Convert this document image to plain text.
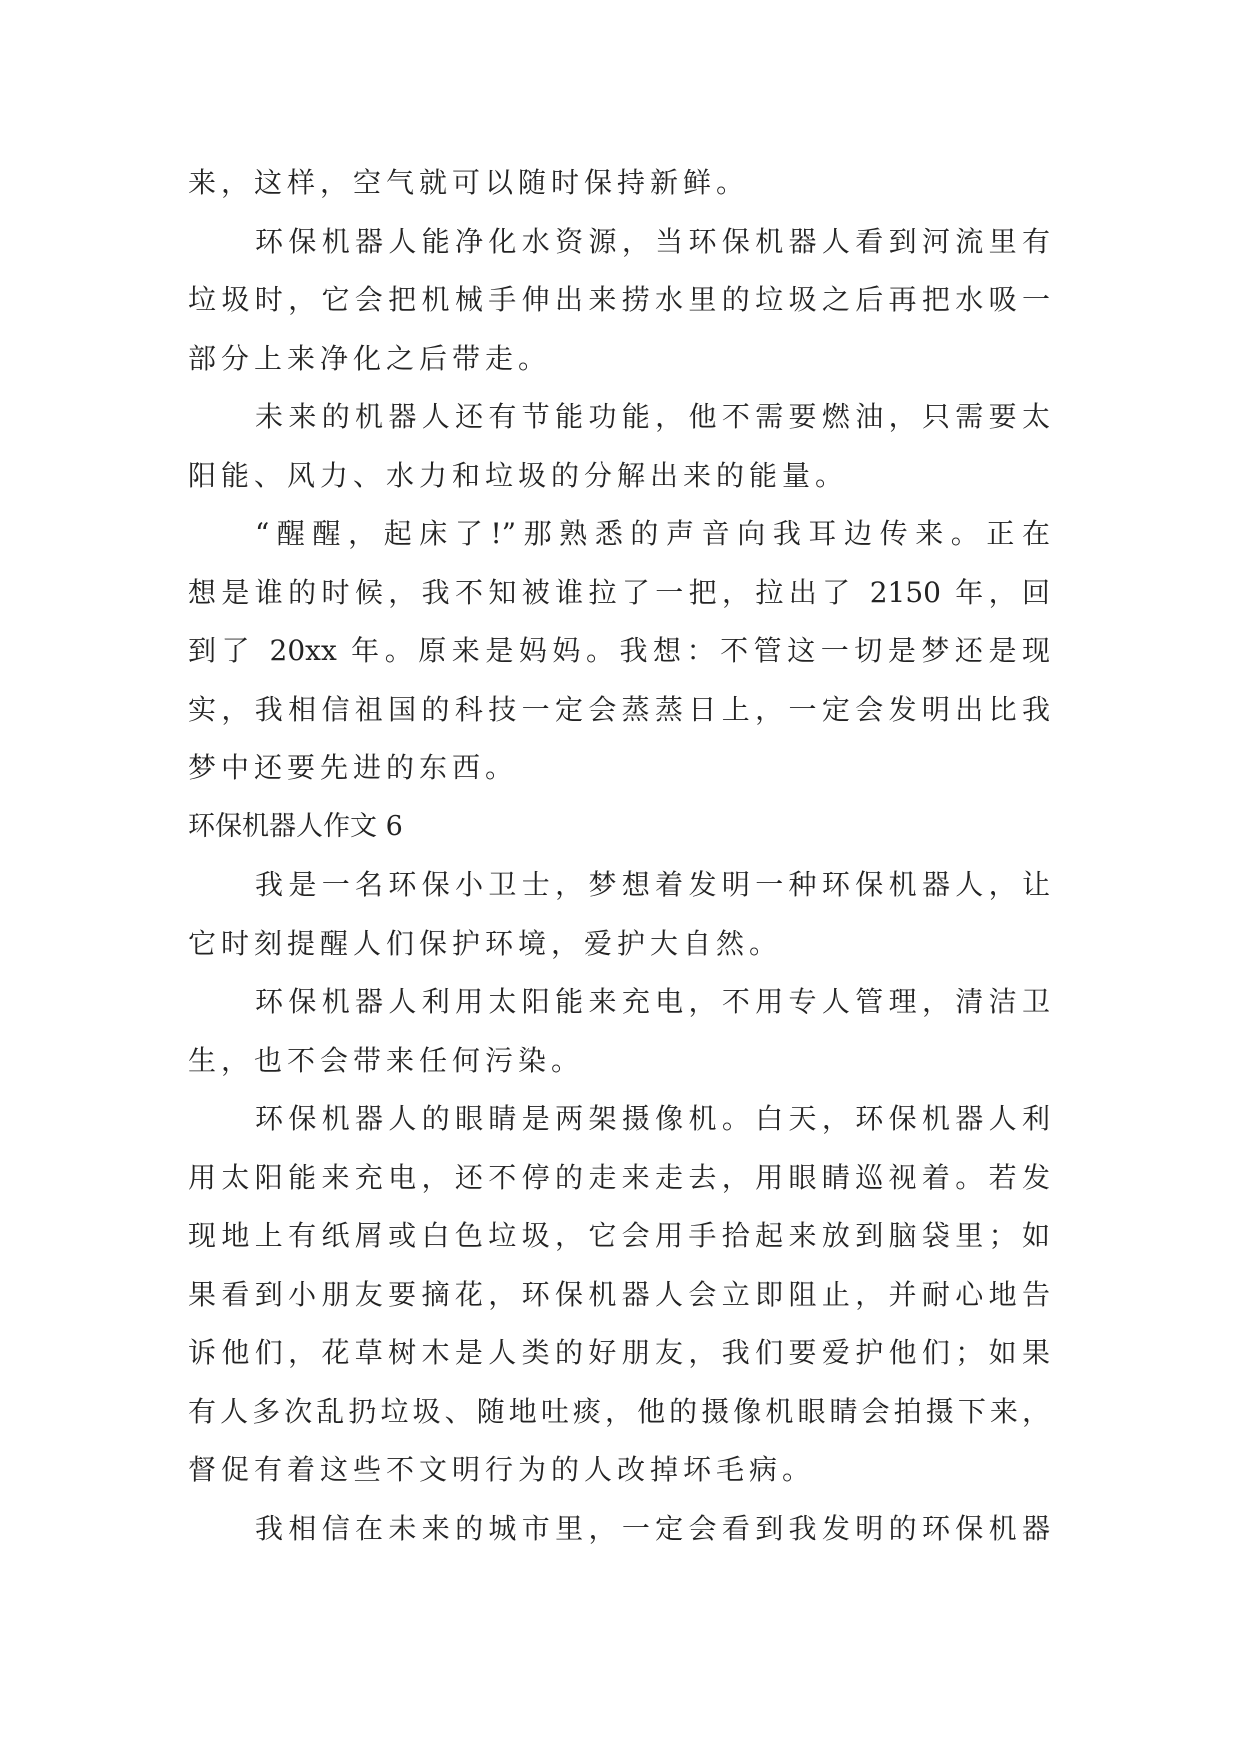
来，这样，空气就可以随时保持新鲜。
环保机器人能净化水资源，当环保机器人看到河流里有
垃圾时，它会把机械手伸出来捞水里的垃圾之后再把水吸一
部分上来净化之后带走。
未来的机器人还有节能功能，他不需要燃油，只需要太
阳能、风力、水力和垃圾的分解出来的能量。
“醒醒，起床了!”那熟悉的声音向我耳边传来。正在
想是谁的时候，我不知被谁拉了一把，拉出了 2150 年，回
到了 20xx 年。原来是妈妈。我想：不管这一切是梦还是现
实，我相信祖国的科技一定会蒸蒸日上，一定会发明出比我
梦中还要先进的东西。
环保机器人作文 6
我是一名环保小卫士，梦想着发明一种环保机器人，让
它时刻提醒人们保护环境，爱护大自然。
环保机器人利用太阳能来充电，不用专人管理，清洁卫
生，也不会带来任何污染。
环保机器人的眼睛是两架摄像机。白天，环保机器人利
用太阳能来充电，还不停的走来走去，用眼睛巡视着。若发
现地上有纸屑或白色垃圾，它会用手拾起来放到脑袋里；如
果看到小朋友要摘花，环保机器人会立即阻止，并耐心地告
诉他们，花草树木是人类的好朋友，我们要爱护他们；如果
有人多次乱扔垃圾、随地吐痰，他的摄像机眼睛会拍摄下来，
督促有着这些不文明行为的人改掉坏毛病。
我相信在未来的城市里，一定会看到我发明的环保机器
